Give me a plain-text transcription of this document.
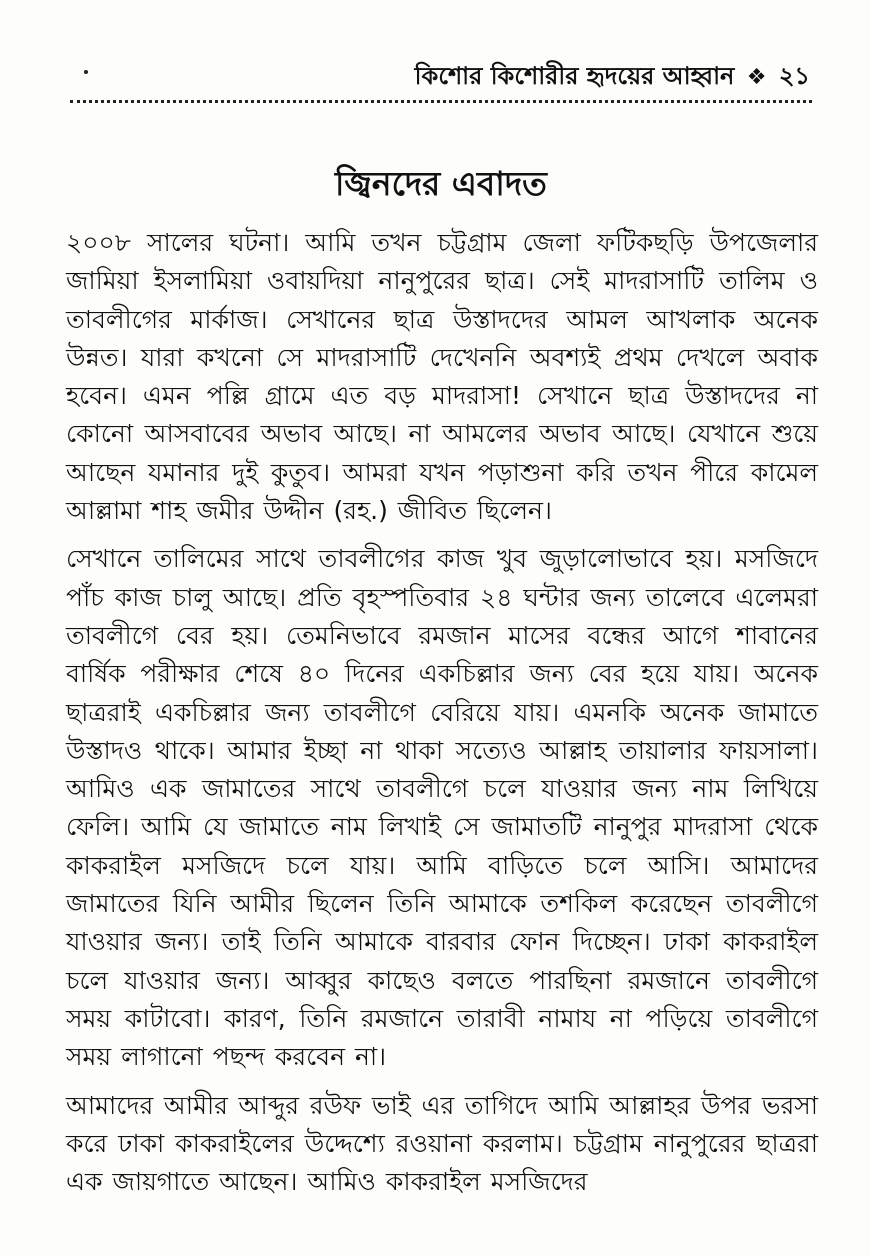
কিশোর কিশোরীর হৃদয়ের আহ্বান ❖ ২১
জ্বিনদের এবাদত

২০০৮ সালের ঘটনা। আমি তখন চট্টগ্রাম জেলা ফটিকছড়ি উপজেলার জামিয়া ইসলামিয়া ওবায়দিয়া নানুপুরের ছাত্র। সেই মাদরাসাটি তালিম ও তাবলীগের মার্কাজ। সেখানের ছাত্র উস্তাদদের আমল আখলাক অনেক উন্নত। যারা কখনো সে মাদরাসাটি দেখেননি অবশ্যই প্রথম দেখলে অবাক হবেন। এমন পল্লি গ্রামে এত বড় মাদরাসা! সেখানে ছাত্র উস্তাদদের না কোনো আসবাবের অভাব আছে। না আমলের অভাব আছে। যেখানে শুয়ে আছেন যমানার দুই কুতুব। আমরা যখন পড়াশুনা করি তখন পীরে কামেল আল্লামা শাহ জমীর উদ্দীন (রহ.) জীবিত ছিলেন।

সেখানে তালিমের সাথে তাবলীগের কাজ খুব জুড়ালোভাবে হয়। মসজিদে পাঁচ কাজ চালু আছে। প্রতি বৃহস্পতিবার ২৪ ঘন্টার জন্য তালেবে এলেমরা তাবলীগে বের হয়। তেমনিভাবে রমজান মাসের বন্ধের আগে শাবানের বার্ষিক পরীক্ষার শেষে ৪০ দিনের একচিল্লার জন্য বের হয়ে যায়। অনেক ছাত্ররাই একচিল্লার জন্য তাবলীগে বেরিয়ে যায়। এমনকি অনেক জামাতে উস্তাদও থাকে। আমার ইচ্ছা না থাকা সত্যেও আল্লাহ তায়ালার ফায়সালা। আমিও এক জামাতের সাথে তাবলীগে চলে যাওয়ার জন্য নাম লিখিয়ে ফেলি। আমি যে জামাতে নাম লিখাই সে জামাতটি নানুপুর মাদরাসা থেকে কাকরাইল মসজিদে চলে যায়। আমি বাড়িতে চলে আসি। আমাদের জামাতের যিনি আমীর ছিলেন তিনি আমাকে তশকিল করেছেন তাবলীগে যাওয়ার জন্য। তাই তিনি আমাকে বারবার ফোন দিচ্ছেন। ঢাকা কাকরাইল চলে যাওয়ার জন্য। আব্বুর কাছেও বলতে পারছিনা রমজানে তাবলীগে সময় কাটাবো। কারণ, তিনি রমজানে তারাবী নামায না পড়িয়ে তাবলীগে সময় লাগানো পছন্দ করবেন না।

আমাদের আমীর আব্দুর রউফ ভাই এর তাগিদে আমি আল্লাহর উপর ভরসা করে ঢাকা কাকরাইলের উদ্দেশ্যে রওয়ানা করলাম। চট্টগ্রাম নানুপুরের ছাত্ররা এক জায়গাতে আছেন। আমিও কাকরাইল মসজিদের
